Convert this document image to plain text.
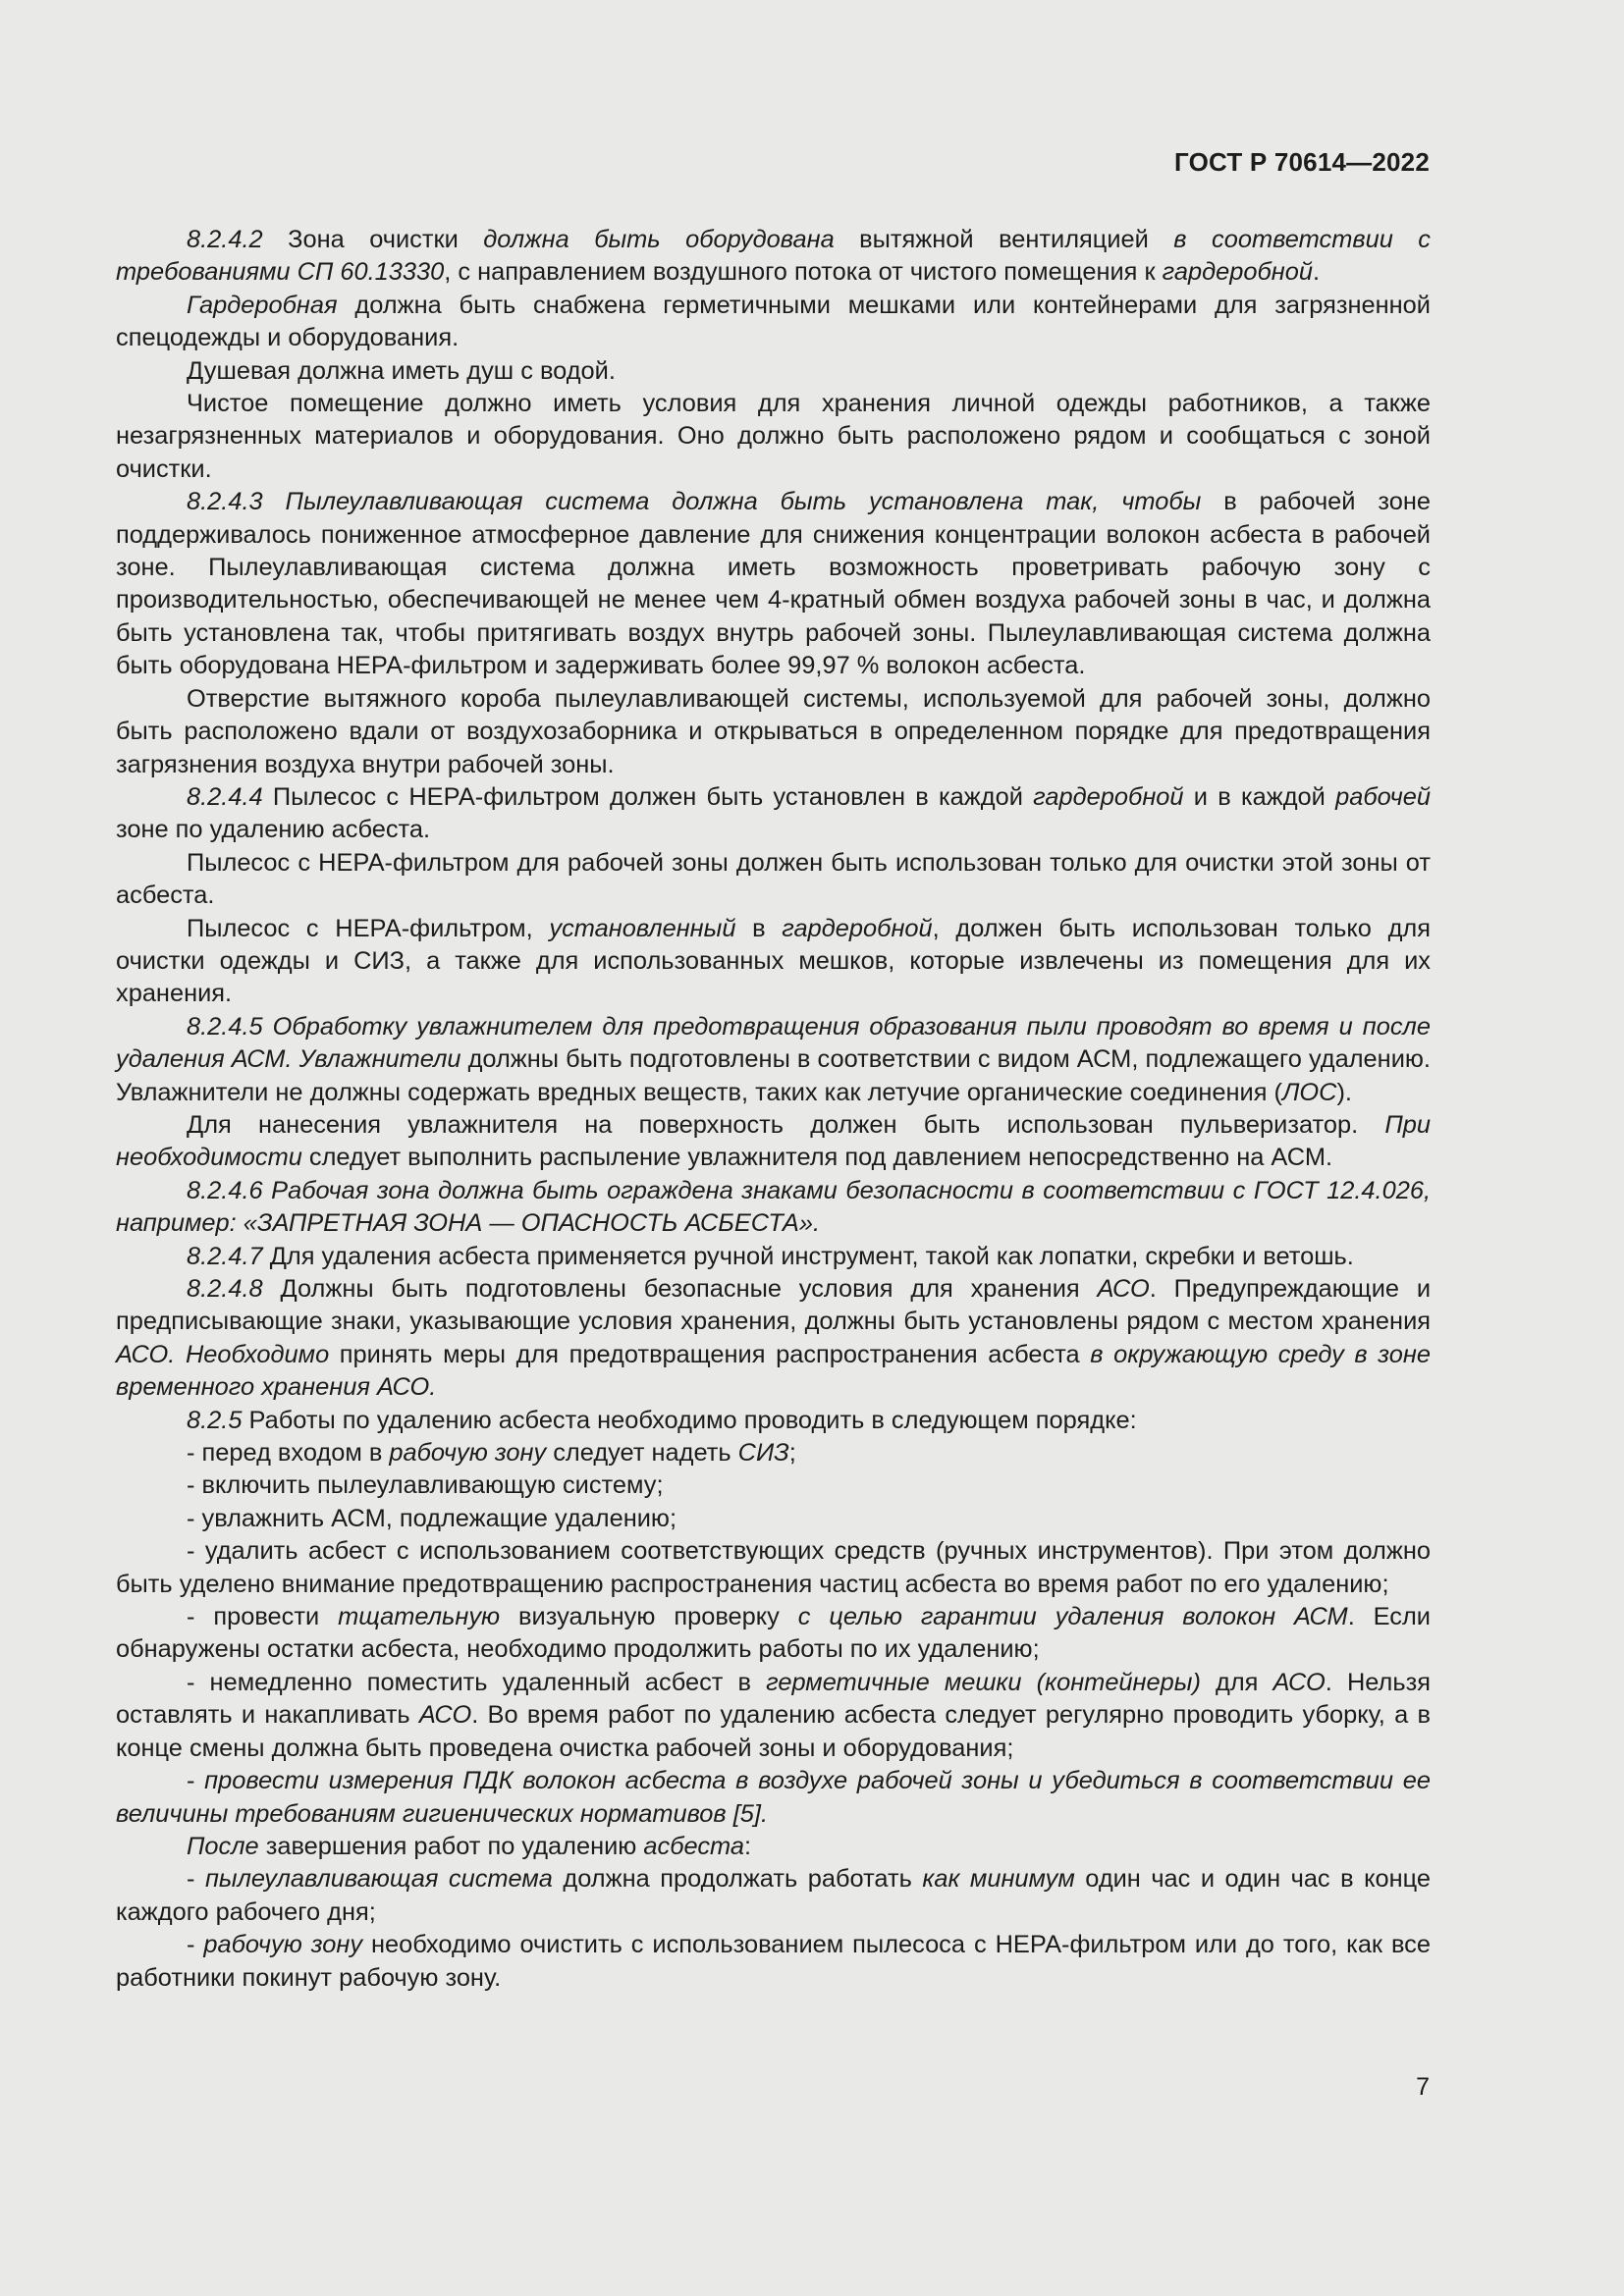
ГОСТ Р 70614—2022

8.2.4.2 Зона очистки должна быть оборудована вытяжной вентиляцией в соответствии с требованиями СП 60.13330, с направлением воздушного потока от чистого помещения к гардеробной.

Гардеробная должна быть снабжена герметичными мешками или контейнерами для загрязненной спецодежды и оборудования.

Душевая должна иметь душ с водой.

Чистое помещение должно иметь условия для хранения личной одежды работников, а также незагрязненных материалов и оборудования. Оно должно быть расположено рядом и сообщаться с зоной очистки.

8.2.4.3 Пылеулавливающая система должна быть установлена так, чтобы в рабочей зоне поддерживалось пониженное атмосферное давление для снижения концентрации волокон асбеста в рабочей зоне. Пылеулавливающая система должна иметь возможность проветривать рабочую зону с производительностью, обеспечивающей не менее чем 4-кратный обмен воздуха рабочей зоны в час, и должна быть установлена так, чтобы притягивать воздух внутрь рабочей зоны. Пылеулавливающая система должна быть оборудована НЕРА-фильтром и задерживать более 99,97 % волокон асбеста.

Отверстие вытяжного короба пылеулавливающей системы, используемой для рабочей зоны, должно быть расположено вдали от воздухозаборника и открываться в определенном порядке для предотвращения загрязнения воздуха внутри рабочей зоны.

8.2.4.4 Пылесос с НЕРА-фильтром должен быть установлен в каждой гардеробной и в каждой рабочей зоне по удалению асбеста.

Пылесос с НЕРА-фильтром для рабочей зоны должен быть использован только для очистки этой зоны от асбеста.

Пылесос с НЕРА-фильтром, установленный в гардеробной, должен быть использован только для очистки одежды и СИЗ, а также для использованных мешков, которые извлечены из помещения для их хранения.

8.2.4.5 Обработку увлажнителем для предотвращения образования пыли проводят во время и после удаления АСМ. Увлажнители должны быть подготовлены в соответствии с видом АСМ, подлежащего удалению. Увлажнители не должны содержать вредных веществ, таких как летучие органические соединения (ЛОС).

Для нанесения увлажнителя на поверхность должен быть использован пульверизатор. При необходимости следует выполнить распыление увлажнителя под давлением непосредственно на АСМ.

8.2.4.6 Рабочая зона должна быть ограждена знаками безопасности в соответствии с ГОСТ 12.4.026, например: «ЗАПРЕТНАЯ ЗОНА — ОПАСНОСТЬ АСБЕСТА».

8.2.4.7 Для удаления асбеста применяется ручной инструмент, такой как лопатки, скребки и ветошь.

8.2.4.8 Должны быть подготовлены безопасные условия для хранения АСО. Предупреждающие и предписывающие знаки, указывающие условия хранения, должны быть установлены рядом с местом хранения АСО. Необходимо принять меры для предотвращения распространения асбеста в окружающую среду в зоне временного хранения АСО.

8.2.5 Работы по удалению асбеста необходимо проводить в следующем порядке:

- перед входом в рабочую зону следует надеть СИЗ;

- включить пылеулавливающую систему;

- увлажнить АСМ, подлежащие удалению;

- удалить асбест с использованием соответствующих средств (ручных инструментов). При этом должно быть уделено внимание предотвращению распространения частиц асбеста во время работ по его удалению;

- провести тщательную визуальную проверку с целью гарантии удаления волокон АСМ. Если обнаружены остатки асбеста, необходимо продолжить работы по их удалению;

- немедленно поместить удаленный асбест в герметичные мешки (контейнеры) для АСО. Нельзя оставлять и накапливать АСО. Во время работ по удалению асбеста следует регулярно проводить уборку, а в конце смены должна быть проведена очистка рабочей зоны и оборудования;

- провести измерения ПДК волокон асбеста в воздухе рабочей зоны и убедиться в соответствии ее величины требованиям гигиенических нормативов [5].

После завершения работ по удалению асбеста:

- пылеулавливающая система должна продолжать работать как минимум один час и один час в конце каждого рабочего дня;

- рабочую зону необходимо очистить с использованием пылесоса с НЕРА-фильтром или до того, как все работники покинут рабочую зону.

7
